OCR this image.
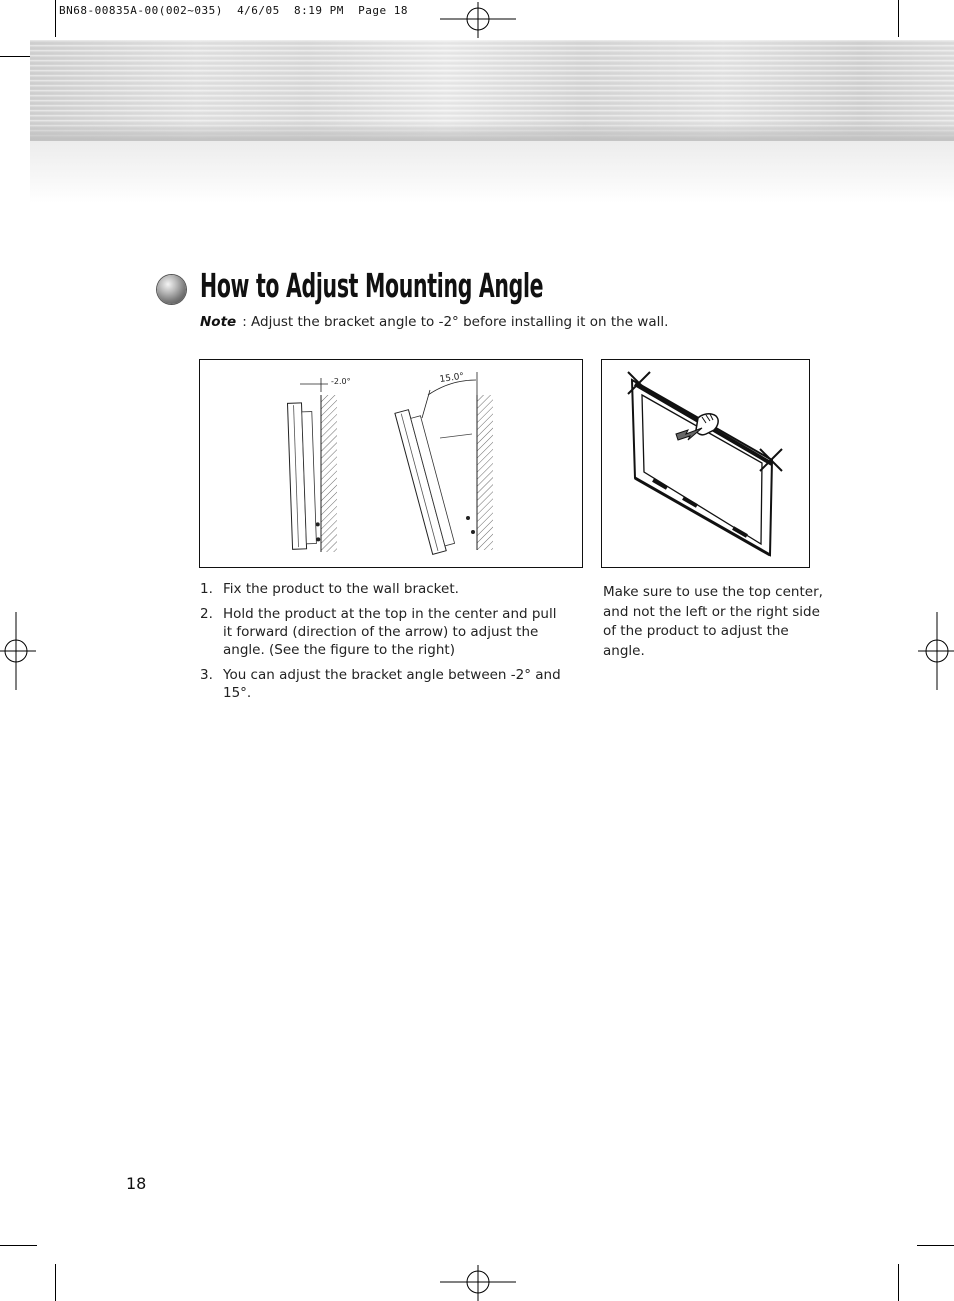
BN68-00835A-00(002~035)  4/6/05  8:19 PM  Page 18
How to Adjust Mounting Angle
Note : Adjust the bracket angle to -2° before installing it on the wall.
-2.0°	15.0°
1. Fix the product to the wall bracket.
2. Hold the product at the top in the center and pull it forward (direction of the arrow) to adjust the angle. (See the figure to the right)
3. You can adjust the bracket angle between -2° and 15°.
Make sure to use the top center, and not the left or the right side of the product to adjust the angle.
18
